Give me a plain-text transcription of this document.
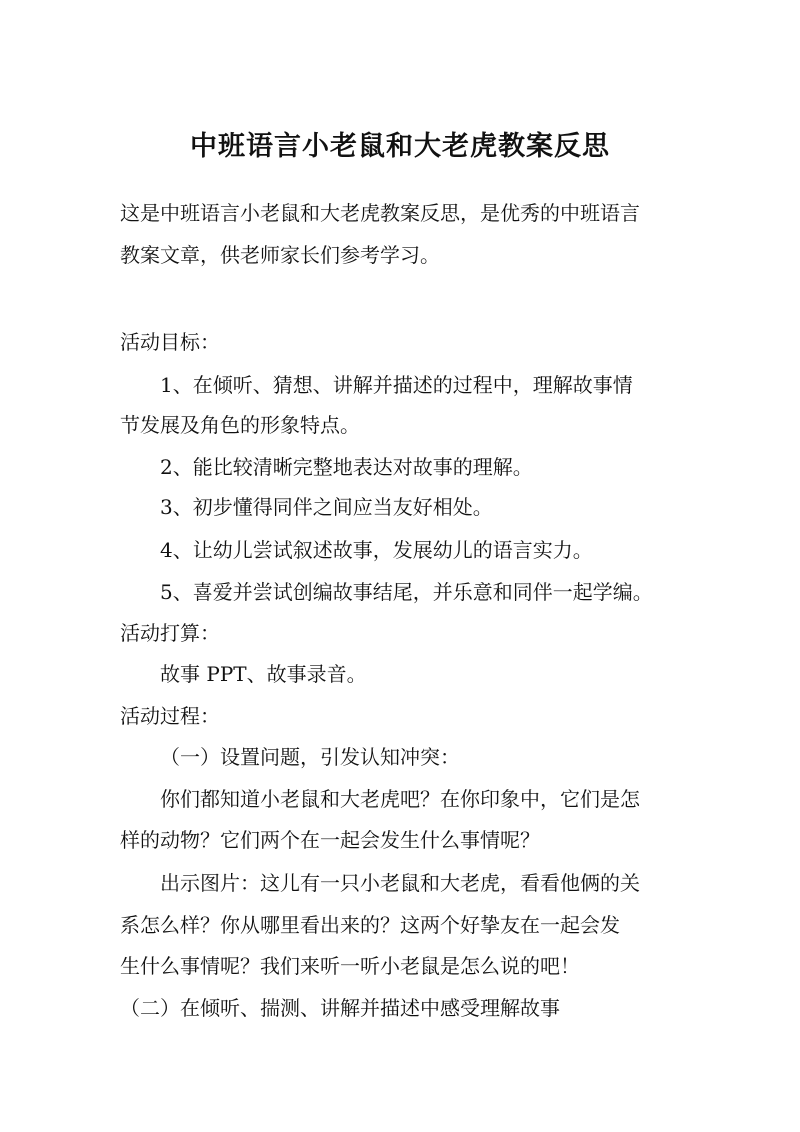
中班语言小老鼠和大老虎教案反思
这是中班语言小老鼠和大老虎教案反思，是优秀的中班语言
教案文章，供老师家长们参考学习。
活动目标：
1、在倾听、猜想、讲解并描述的过程中，理解故事情
节发展及角色的形象特点。
2、能比较清晰完整地表达对故事的理解。
3、初步懂得同伴之间应当友好相处。
4、让幼儿尝试叙述故事，发展幼儿的语言实力。
5、喜爱并尝试创编故事结尾，并乐意和同伴一起学编。
活动打算：
故事 PPT、故事录音。
活动过程：
（一）设置问题，引发认知冲突：
你们都知道小老鼠和大老虎吧？在你印象中，它们是怎
样的动物？它们两个在一起会发生什么事情呢？
出示图片：这儿有一只小老鼠和大老虎，看看他俩的关
系怎么样？你从哪里看出来的？这两个好挚友在一起会发
生什么事情呢？我们来听一听小老鼠是怎么说的吧！
（二）在倾听、揣测、讲解并描述中感受理解故事
